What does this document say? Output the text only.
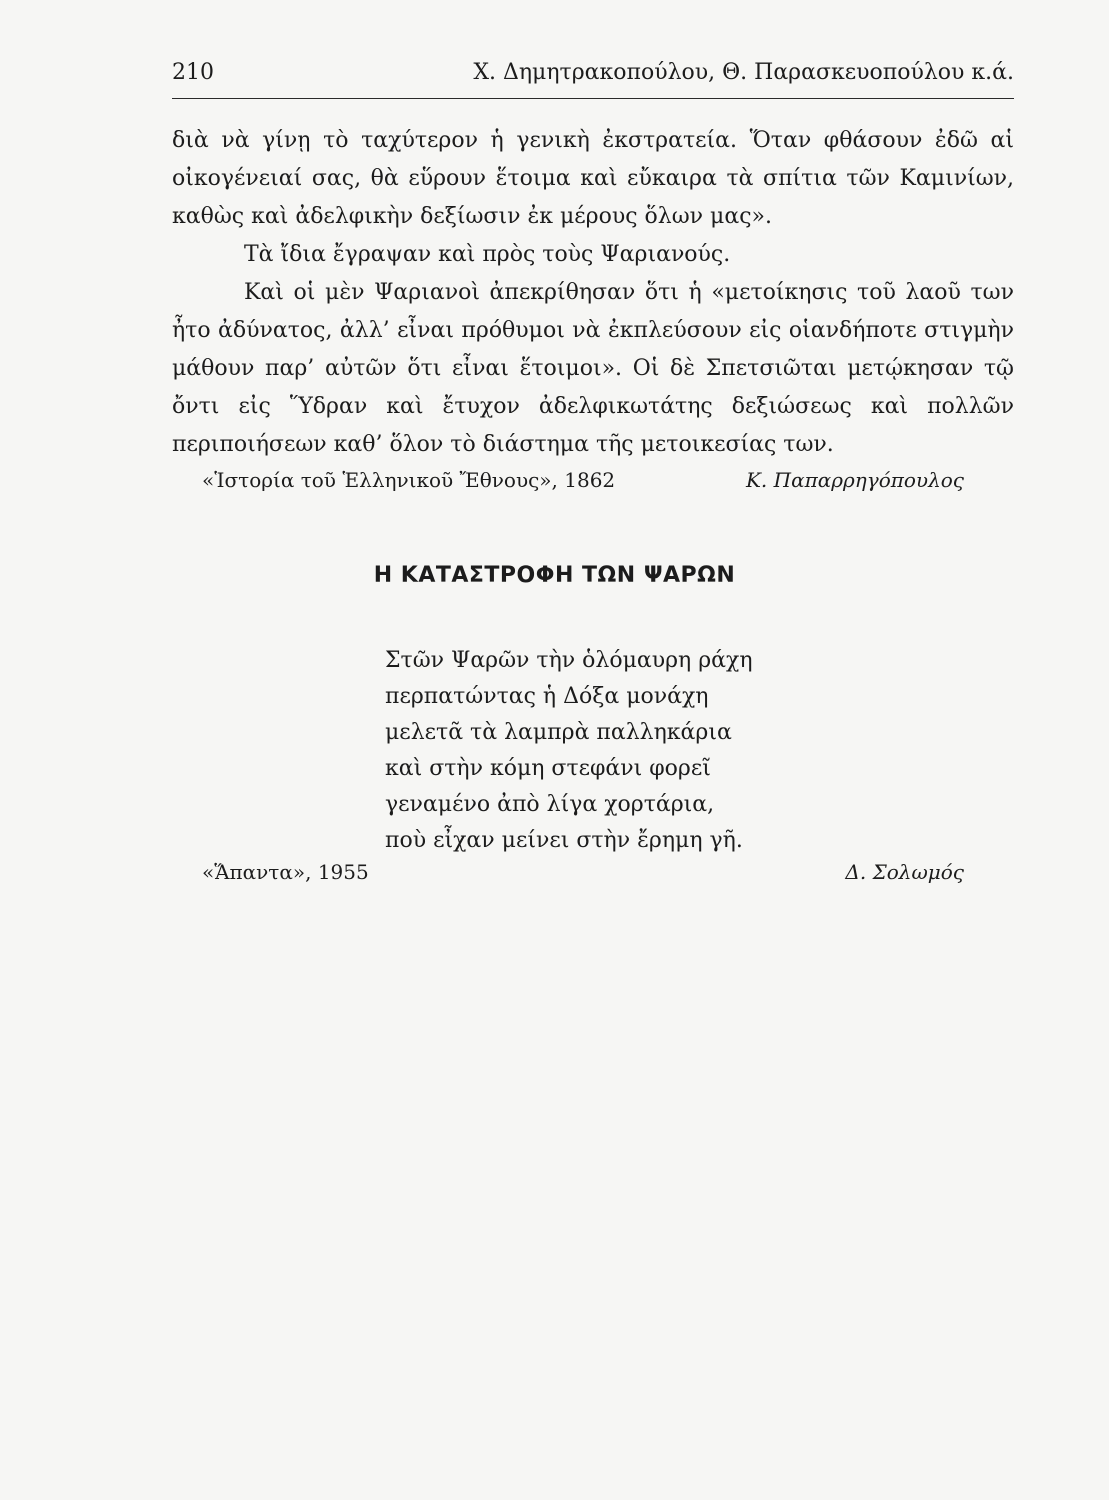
210	Χ. Δημητρακοπούλου, Θ. Παρασκευοπούλου κ.ά.

διὰ νὰ γίνῃ τὸ ταχύτερον ἡ γενικὴ ἐκστρατεία. Ὅταν φθάσουν ἐδῶ αἱ οἰκογένειαί σας, θὰ εὕρουν ἕτοιμα καὶ εὔκαιρα τὰ σπίτια τῶν Καμινίων, καθὼς καὶ ἀδελφικὴν δεξίωσιν ἐκ μέρους ὅλων μας».

Τὰ ἴδια ἔγραψαν καὶ πρὸς τοὺς Ψαριανούς.

Καὶ οἱ μὲν Ψαριανοὶ ἀπεκρίθησαν ὅτι ἡ «μετοίκησις τοῦ λαοῦ των ἦτο ἀδύνατος, ἀλλ’ εἶναι πρόθυμοι νὰ ἐκπλεύσουν εἰς οἱανδήποτε στιγμὴν μάθουν παρ’ αὐτῶν ὅτι εἶναι ἕτοιμοι». Οἱ δὲ Σπετσιῶται μετῴκησαν τῷ ὄντι εἰς Ὕδραν καὶ ἔτυχον ἀδελφικωτάτης δεξιώσεως καὶ πολλῶν περιποιήσεων καθ’ ὅλον τὸ διάστημα τῆς μετοικεσίας των.

«Ἱστορία τοῦ Ἑλληνικοῦ Ἔθνους», 1862	Κ. Παπαρρηγόπουλος
Η ΚΑΤΑΣΤΡΟΦΗ ΤΩΝ ΨΑΡΩΝ
Στῶν Ψαρῶν τὴν ὁλόμαυρη ράχη
περπατώντας ἡ Δόξα μονάχη
μελετᾶ τὰ λαμπρὰ παλληκάρια
καὶ στὴν κόμη στεφάνι φορεῖ
γεναμένο ἀπὸ λίγα χορτάρια,
ποὺ εἶχαν μείνει στὴν ἔρημη γῆ.
«Ἅπαντα», 1955	Δ. Σολωμός
